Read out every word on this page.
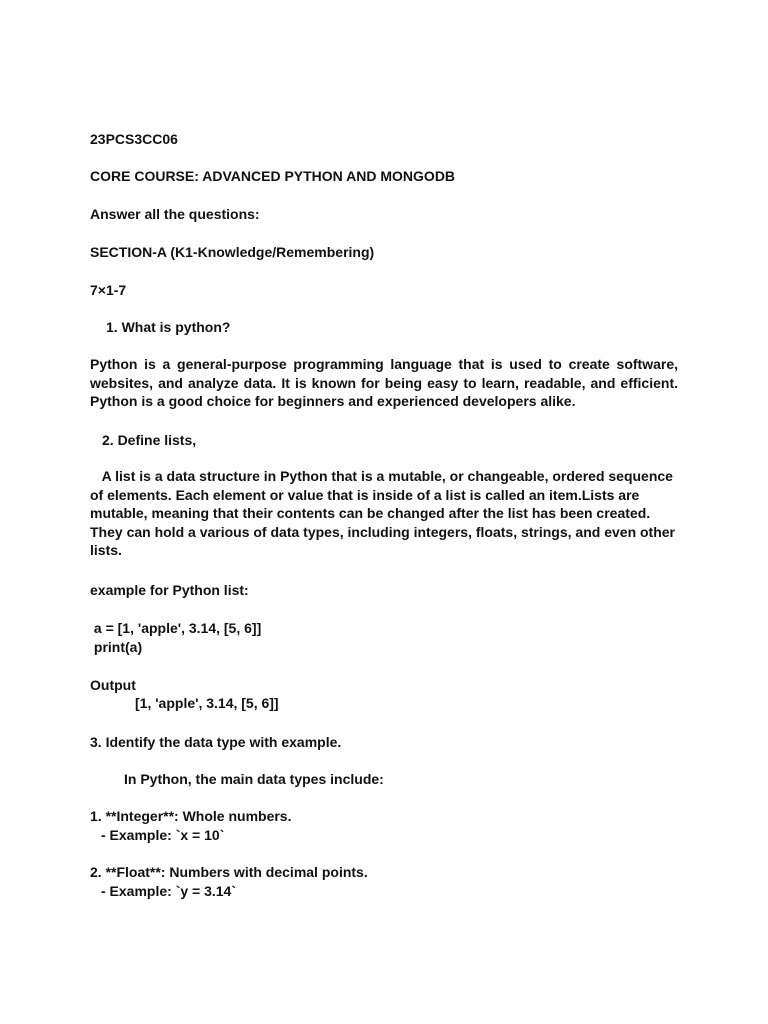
23PCS3CC06
CORE COURSE: ADVANCED PYTHON AND MONGODB
Answer all the questions:
SECTION-A (K1-Knowledge/Remembering)
7×1-7
1. What is python?

Python is a general-purpose programming language that is used to create software, websites, and analyze data. It is known for being easy to learn, readable, and efficient. Python is a good choice for beginners and experienced developers alike.

2. Define lists,

A list is a data structure in Python that is a mutable, or changeable, ordered sequence of elements. Each element or value that is inside of a list is called an item.Lists are mutable, meaning that their contents can be changed after the list has been created. They can hold a various of data types, including integers, floats, strings, and even other lists.

example for Python list:
a = [1, 'apple', 3.14, [5, 6]]
print(a)
Output
[1, 'apple', 3.14, [5, 6]]
3. Identify the data type with example.
In Python, the main data types include:
1. **Integer**: Whole numbers.
- Example: `x = 10`
2. **Float**: Numbers with decimal points.
- Example: `y = 3.14`
